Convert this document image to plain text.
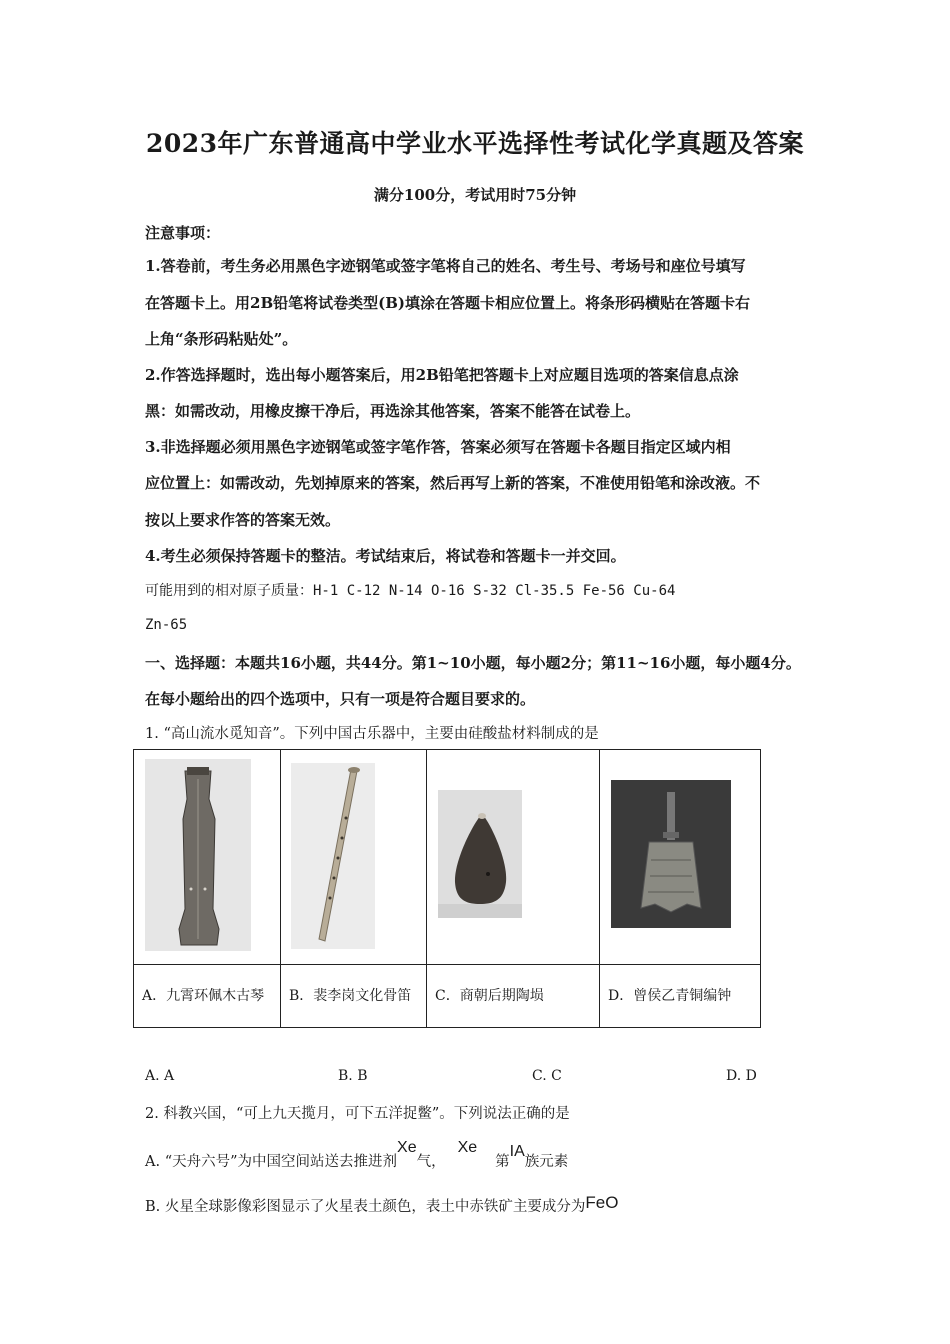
2023年广东普通高中学业水平选择性考试化学真题及答案
满分100分，考试用时75分钟
注意事项：
1.答卷前，考生务必用黑色字迹钢笔或签字笔将自己的姓名、考生号、考场号和座位号填写
在答题卡上。用2B铅笔将试卷类型(B)填涂在答题卡相应位置上。将条形码横贴在答题卡右
上角“条形码粘贴处”。
2.作答选择题时，选出每小题答案后，用2B铅笔把答题卡上对应题目选项的答案信息点涂
黑：如需改动，用橡皮擦干净后，再选涂其他答案，答案不能答在试卷上。
3.非选择题必须用黑色字迹钢笔或签字笔作答，答案必须写在答题卡各题目指定区域内相
应位置上：如需改动，先划掉原来的答案，然后再写上新的答案，不准使用铅笔和涂改液。不
按以上要求作答的答案无效。
4.考生必须保持答题卡的整洁。考试结束后，将试卷和答题卡一并交回。
可能用到的相对原子质量：H-1 C-12 N-14 O-16 S-32 Cl-35.5 Fe-56 Cu-64
Zn-65
一、选择题：本题共16小题，共44分。第1~10小题，每小题2分；第11~16小题，每小题4分。
在每小题给出的四个选项中，只有一项是符合题目要求的。
1. “高山流水觅知音”。下列中国古乐器中，主要由硅酸盐材料制成的是

A．九霄环佩木古琴	B．裴李岗文化骨笛	C．商朝后期陶埙	D．曾侯乙青铜编钟
A. A	B. B	C. C	D. D
2. 科教兴国，“可上九天揽月，可下五洋捉鳖”。下列说法正确的是
A. “天舟六号”为中国空间站送去推进剂Xe气，Xe第IA族元素
B. 火星全球影像彩图显示了火星表土颜色，表土中赤铁矿主要成分为FeO
